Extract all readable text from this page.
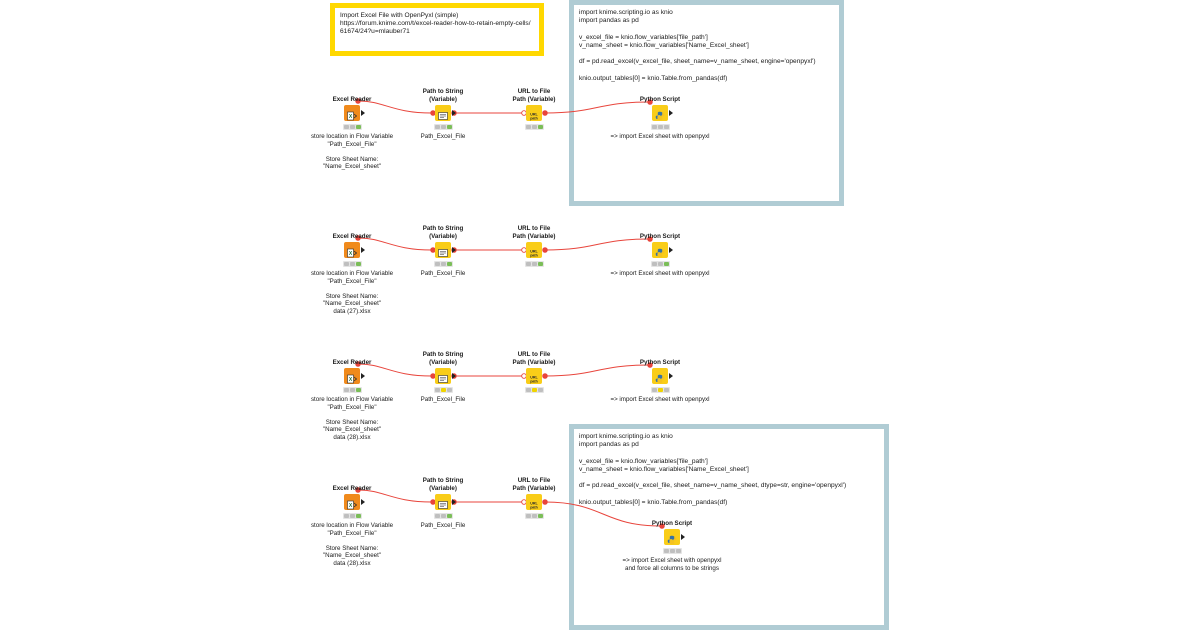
Import Excel File with OpenPyxl (simple)
https://forum.knime.com/t/excel-reader-how-to-retain-empty-cells/
61674/24?u=mlauber71
import knime.scripting.io as knio
import pandas as pd

v_excel_file = knio.flow_variables['file_path']
v_name_sheet = knio.flow_variables['Name_Excel_sheet']

df = pd.read_excel(v_excel_file, sheet_name=v_name_sheet, engine='openpyxl')

knio.output_tables[0] = knio.Table.from_pandas(df)
import knime.scripting.io as knio
import pandas as pd

v_excel_file = knio.flow_variables['file_path']
v_name_sheet = knio.flow_variables['Name_Excel_sheet']

df = pd.read_excel(v_excel_file, sheet_name=v_name_sheet, dtype=str, engine='openpyxl')

knio.output_tables[0] = knio.Table.from_pandas(df)
Excel Reader
X
store location in Flow Variable
"Path_Excel_File"

Store Sheet Name:
"Name_Excel_sheet"
Path to String
(Variable)
Path_Excel_File
URL to File
Path (Variable)
URL
path
Python Script
=> import Excel sheet with openpyxl
Excel Reader
X
store location in Flow Variable
"Path_Excel_File"

Store Sheet Name:
"Name_Excel_sheet"
data (27).xlsx
Path to String
(Variable)
Path_Excel_File
URL to File
Path (Variable)
URL
path
Python Script
=> import Excel sheet with openpyxl
Excel Reader
X
store location in Flow Variable
"Path_Excel_File"

Store Sheet Name:
"Name_Excel_sheet"
data (28).xlsx
Path to String
(Variable)
Path_Excel_File
URL to File
Path (Variable)
URL
path
Python Script
=> import Excel sheet with openpyxl
Excel Reader
X
store location in Flow Variable
"Path_Excel_File"

Store Sheet Name:
"Name_Excel_sheet"
data (28).xlsx
Path to String
(Variable)
Path_Excel_File
URL to File
Path (Variable)
URL
path
Python Script
=> import Excel sheet with openpyxl
and force all columns to be strings
